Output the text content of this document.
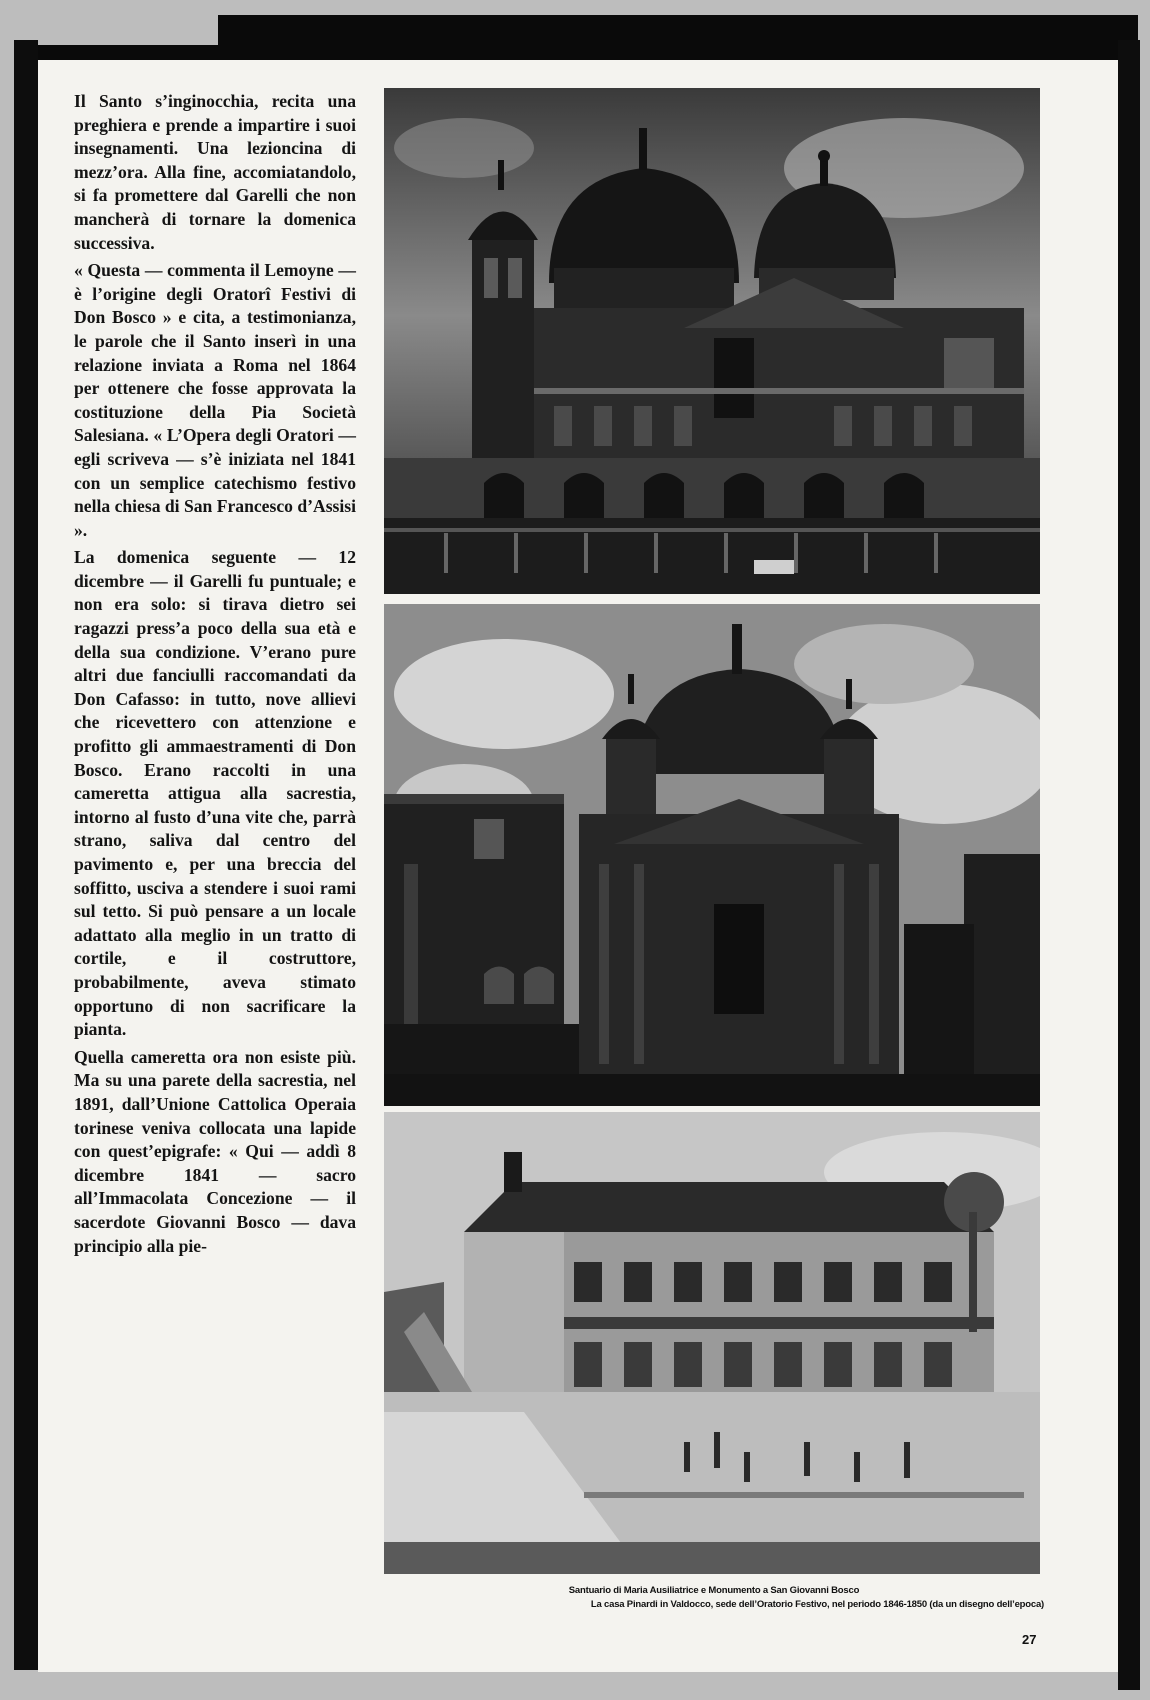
Il Santo s’inginocchia, recita una preghiera e prende a impartire i suoi insegnamenti. Una lezioncina di mezz’ora. Alla fine, accomiatandolo, si fa promettere dal Garelli che non mancherà di tornare la domenica successiva.

« Questa — commenta il Lemoyne — è l’origine degli Oratorî Festivi di Don Bosco » e cita, a testimonianza, le parole che il Santo inserì in una relazione inviata a Roma nel 1864 per ottenere che fosse approvata la costituzione della Pia Società Salesiana. « L’Opera degli Oratori — egli scriveva — s’è iniziata nel 1841 con un semplice catechismo festivo nella chiesa di San Francesco d’Assisi ».

La domenica seguente — 12 dicembre — il Garelli fu puntuale; e non era solo: si tirava dietro sei ragazzi press’a poco della sua età e della sua condizione. V’erano pure altri due fanciulli raccomandati da Don Cafasso: in tutto, nove allievi che ricevettero con attenzione e profitto gli ammaestramenti di Don Bosco. Erano raccolti in una cameretta attigua alla sacrestia, intorno al fusto d’una vite che, parrà strano, saliva dal centro del pavimento e, per una breccia del soffitto, usciva a stendere i suoi rami sul tetto. Si può pensare a un locale adattato alla meglio in un tratto di cortile, e il costruttore, probabilmente, aveva stimato opportuno di non sacrificare la pianta.

Quella cameretta ora non esiste più. Ma su una parete della sacrestia, nel 1891, dall’Unione Cattolica Operaia torinese veniva collocata una lapide con quest’epigrafe: « Qui — addì 8 dicembre 1841 — sacro all’Immacolata Concezione — il sacerdote Giovanni Bosco — dava principio alla pie-

Santuario di Maria Ausiliatrice e Monumento a San Giovanni Bosco
La casa Pinardi in Valdocco, sede dell’Oratorio Festivo, nel periodo 1846-1850 (da un disegno dell’epoca)
27
